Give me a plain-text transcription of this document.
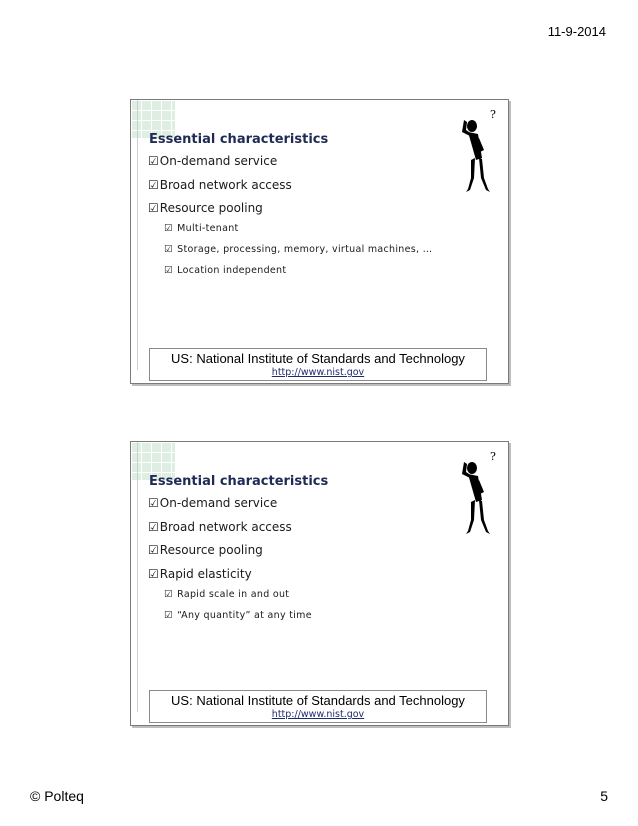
11-9-2014
?
Essential characteristics
☑On-demand service
☑Broad network access
☑Resource pooling
☑ Multi-tenant
☑ Storage, processing, memory, virtual machines, …
☑ Location independent
US: National Institute of Standards and Technology
http://www.nist.gov
?
Essential characteristics
☑On-demand service
☑Broad network access
☑Resource pooling
☑Rapid elasticity
☑ Rapid scale in and out
☑ “Any quantity” at any time
US: National Institute of Standards and Technology
http://www.nist.gov
© Polteq	5
